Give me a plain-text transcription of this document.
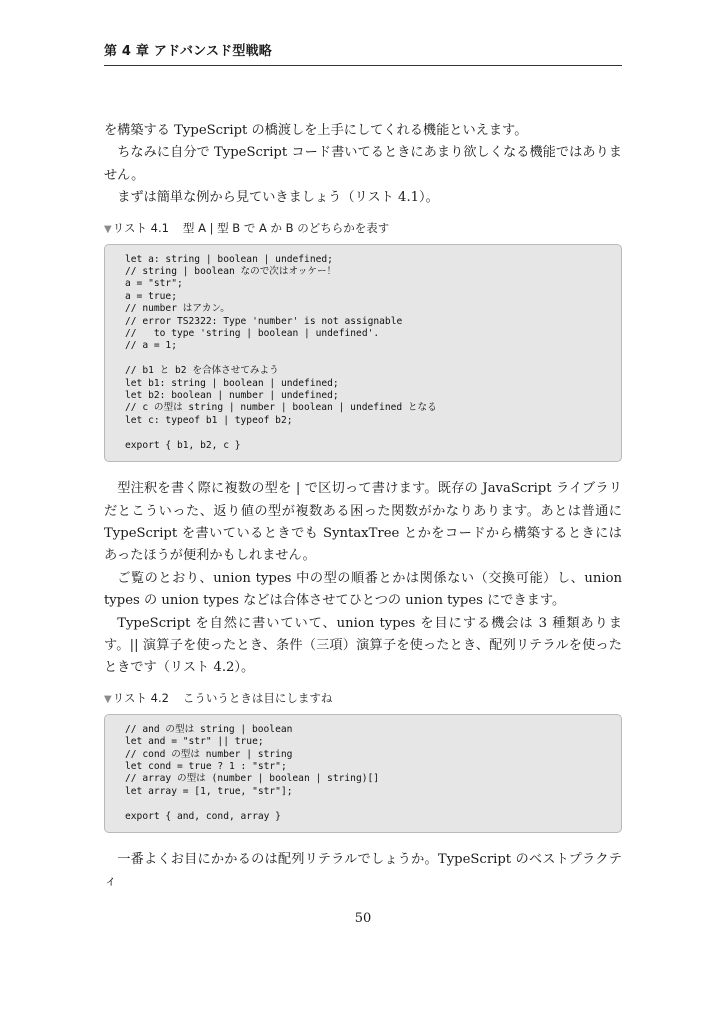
第 4 章 アドバンスド型戦略

を構築する TypeScript の橋渡しを上手にしてくれる機能といえます。

ちなみに自分で TypeScript コード書いてるときにあまり欲しくなる機能ではありません。

まずは簡単な例から見ていきましょう（リスト 4.1）。

▼リスト 4.1 型 A | 型 B で A か B のどちらかを表す
let a: string | boolean | undefined;
// string | boolean なので次はオッケー！
a = "str";
a = true;
// number はアカン。
// error TS2322: Type 'number' is not assignable
//   to type 'string | boolean | undefined'.
// a = 1;
// b1 と b2 を合体させてみよう
let b1: string | boolean | undefined;
let b2: boolean | number | undefined;
// c の型は string | number | boolean | undefined となる
let c: typeof b1 | typeof b2;
export { b1, b2, c }

型注釈を書く際に複数の型を | で区切って書けます。既存の JavaScript ライブラリだとこういった、返り値の型が複数ある困った関数がかなりあります。あとは普通に TypeScript を書いているときでも SyntaxTree とかをコードから構築するときにはあったほうが便利かもしれません。

ご覧のとおり、union types 中の型の順番とかは関係ない（交換可能）し、union types の union types などは合体させてひとつの union types にできます。

TypeScript を自然に書いていて、union types を目にする機会は 3 種類あります。|| 演算子を使ったとき、条件（三項）演算子を使ったとき、配列リテラルを使ったときです（リスト 4.2）。

▼リスト 4.2 こういうときは目にしますね
// and の型は string | boolean
let and = "str" || true;
// cond の型は number | string
let cond = true ? 1 : "str";
// array の型は (number | boolean | string)[]
let array = [1, true, "str"];
export { and, cond, array }

一番よくお目にかかるのは配列リテラルでしょうか。TypeScript のベストプラクティ

50
